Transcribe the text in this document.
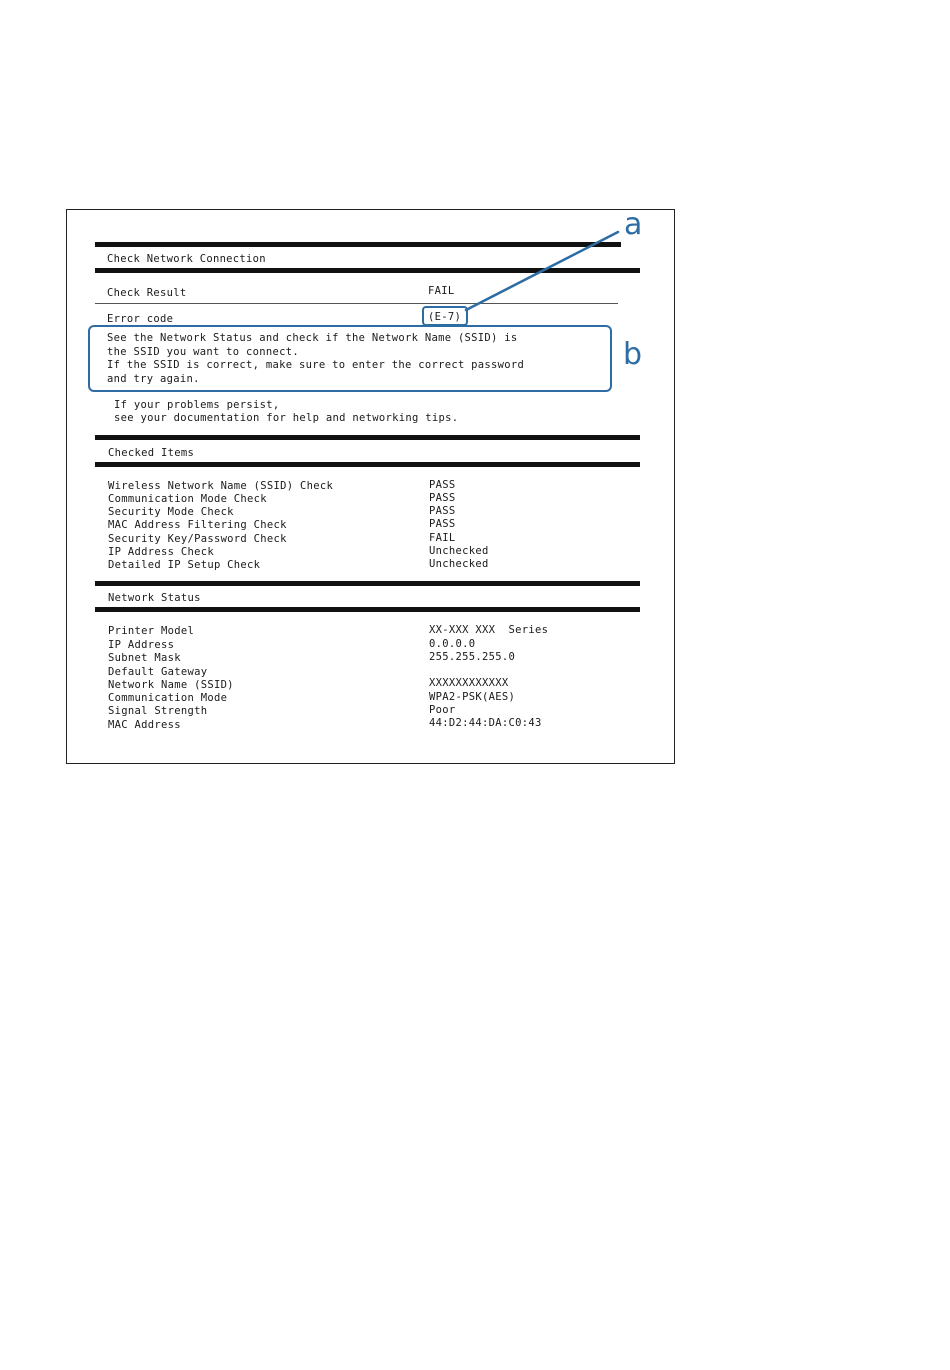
Check Network Connection
Check Result	FAIL
Error code	(E-7)
See the Network Status and check if the Network Name (SSID) is
the SSID you want to connect.
If the SSID is correct, make sure to enter the correct password
and try again.
If your problems persist,
see your documentation for help and networking tips.
Checked Items
Wireless Network Name (SSID) Check	PASS
Communication Mode Check	PASS
Security Mode Check	PASS
MAC Address Filtering Check	PASS
Security Key/Password Check	FAIL
IP Address Check	Unchecked
Detailed IP Setup Check	Unchecked
Network Status
Printer Model	XX-XXX XXX  Series
IP Address	0.0.0.0
Subnet Mask	255.255.255.0
Default Gateway
Network Name (SSID)	XXXXXXXXXXXX
Communication Mode	WPA2-PSK(AES)
Signal Strength	Poor
MAC Address	44:D2:44:DA:C0:43
a
b
